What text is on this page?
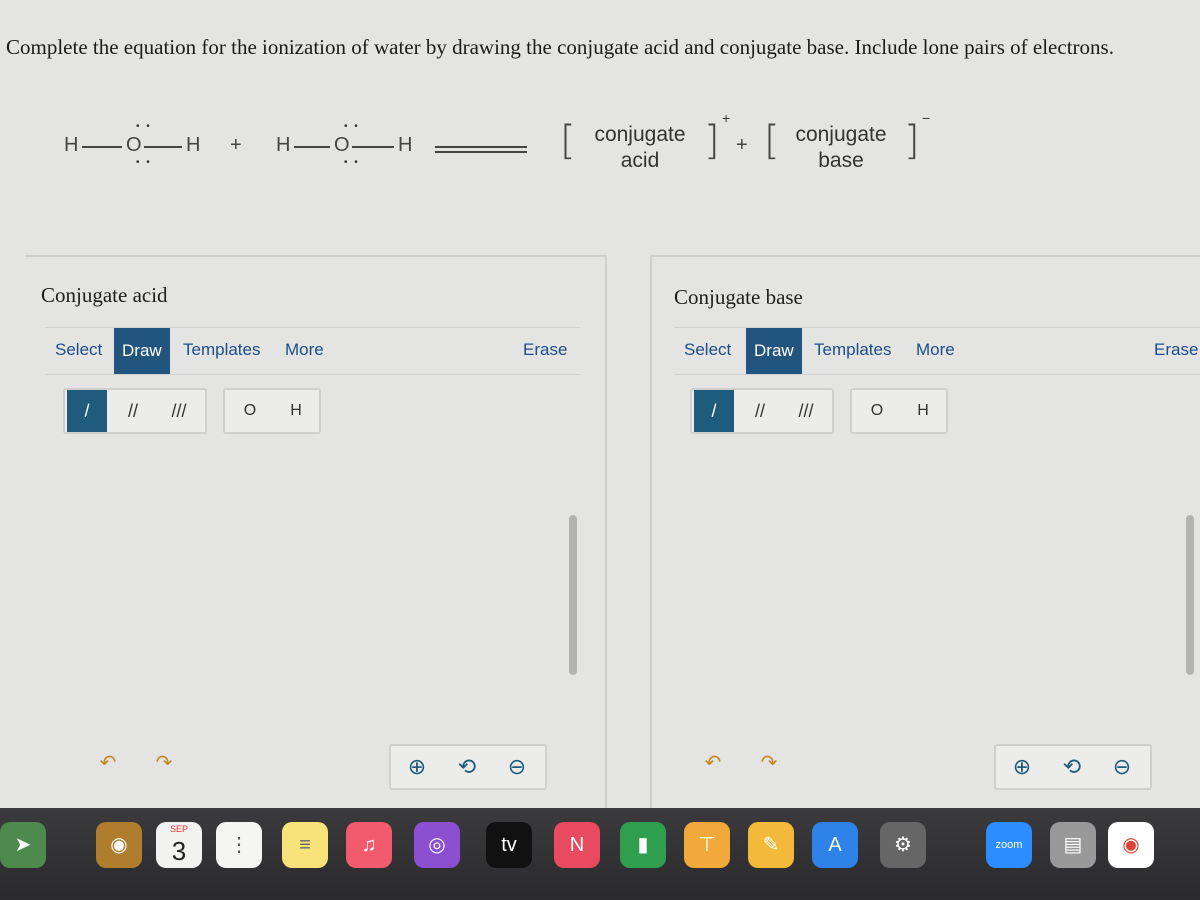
Complete the equation for the ionization of water by drawing the conjugate acid and conjugate base. Include lone pairs of electrons.
H
• •
O
• •
H + H
• •
O
• •
H	[ conjugate
acid	] +
+ [ conjugate
base	] −
Conjugate acid
Select	Draw	Templates More	Erase
/	//	///	O	H
↶	↷	⊕	⟲	⊖
Conjugate base
Select	Draw	Templates More	Erase
/	//	///	O	H
↶	↷	⊕	⟲	⊖
➤	◉
SEP
3	⋮	≡	♫	◎	tv	N	▮	⊤	✎	A	⚙	zoom	▤	◉
